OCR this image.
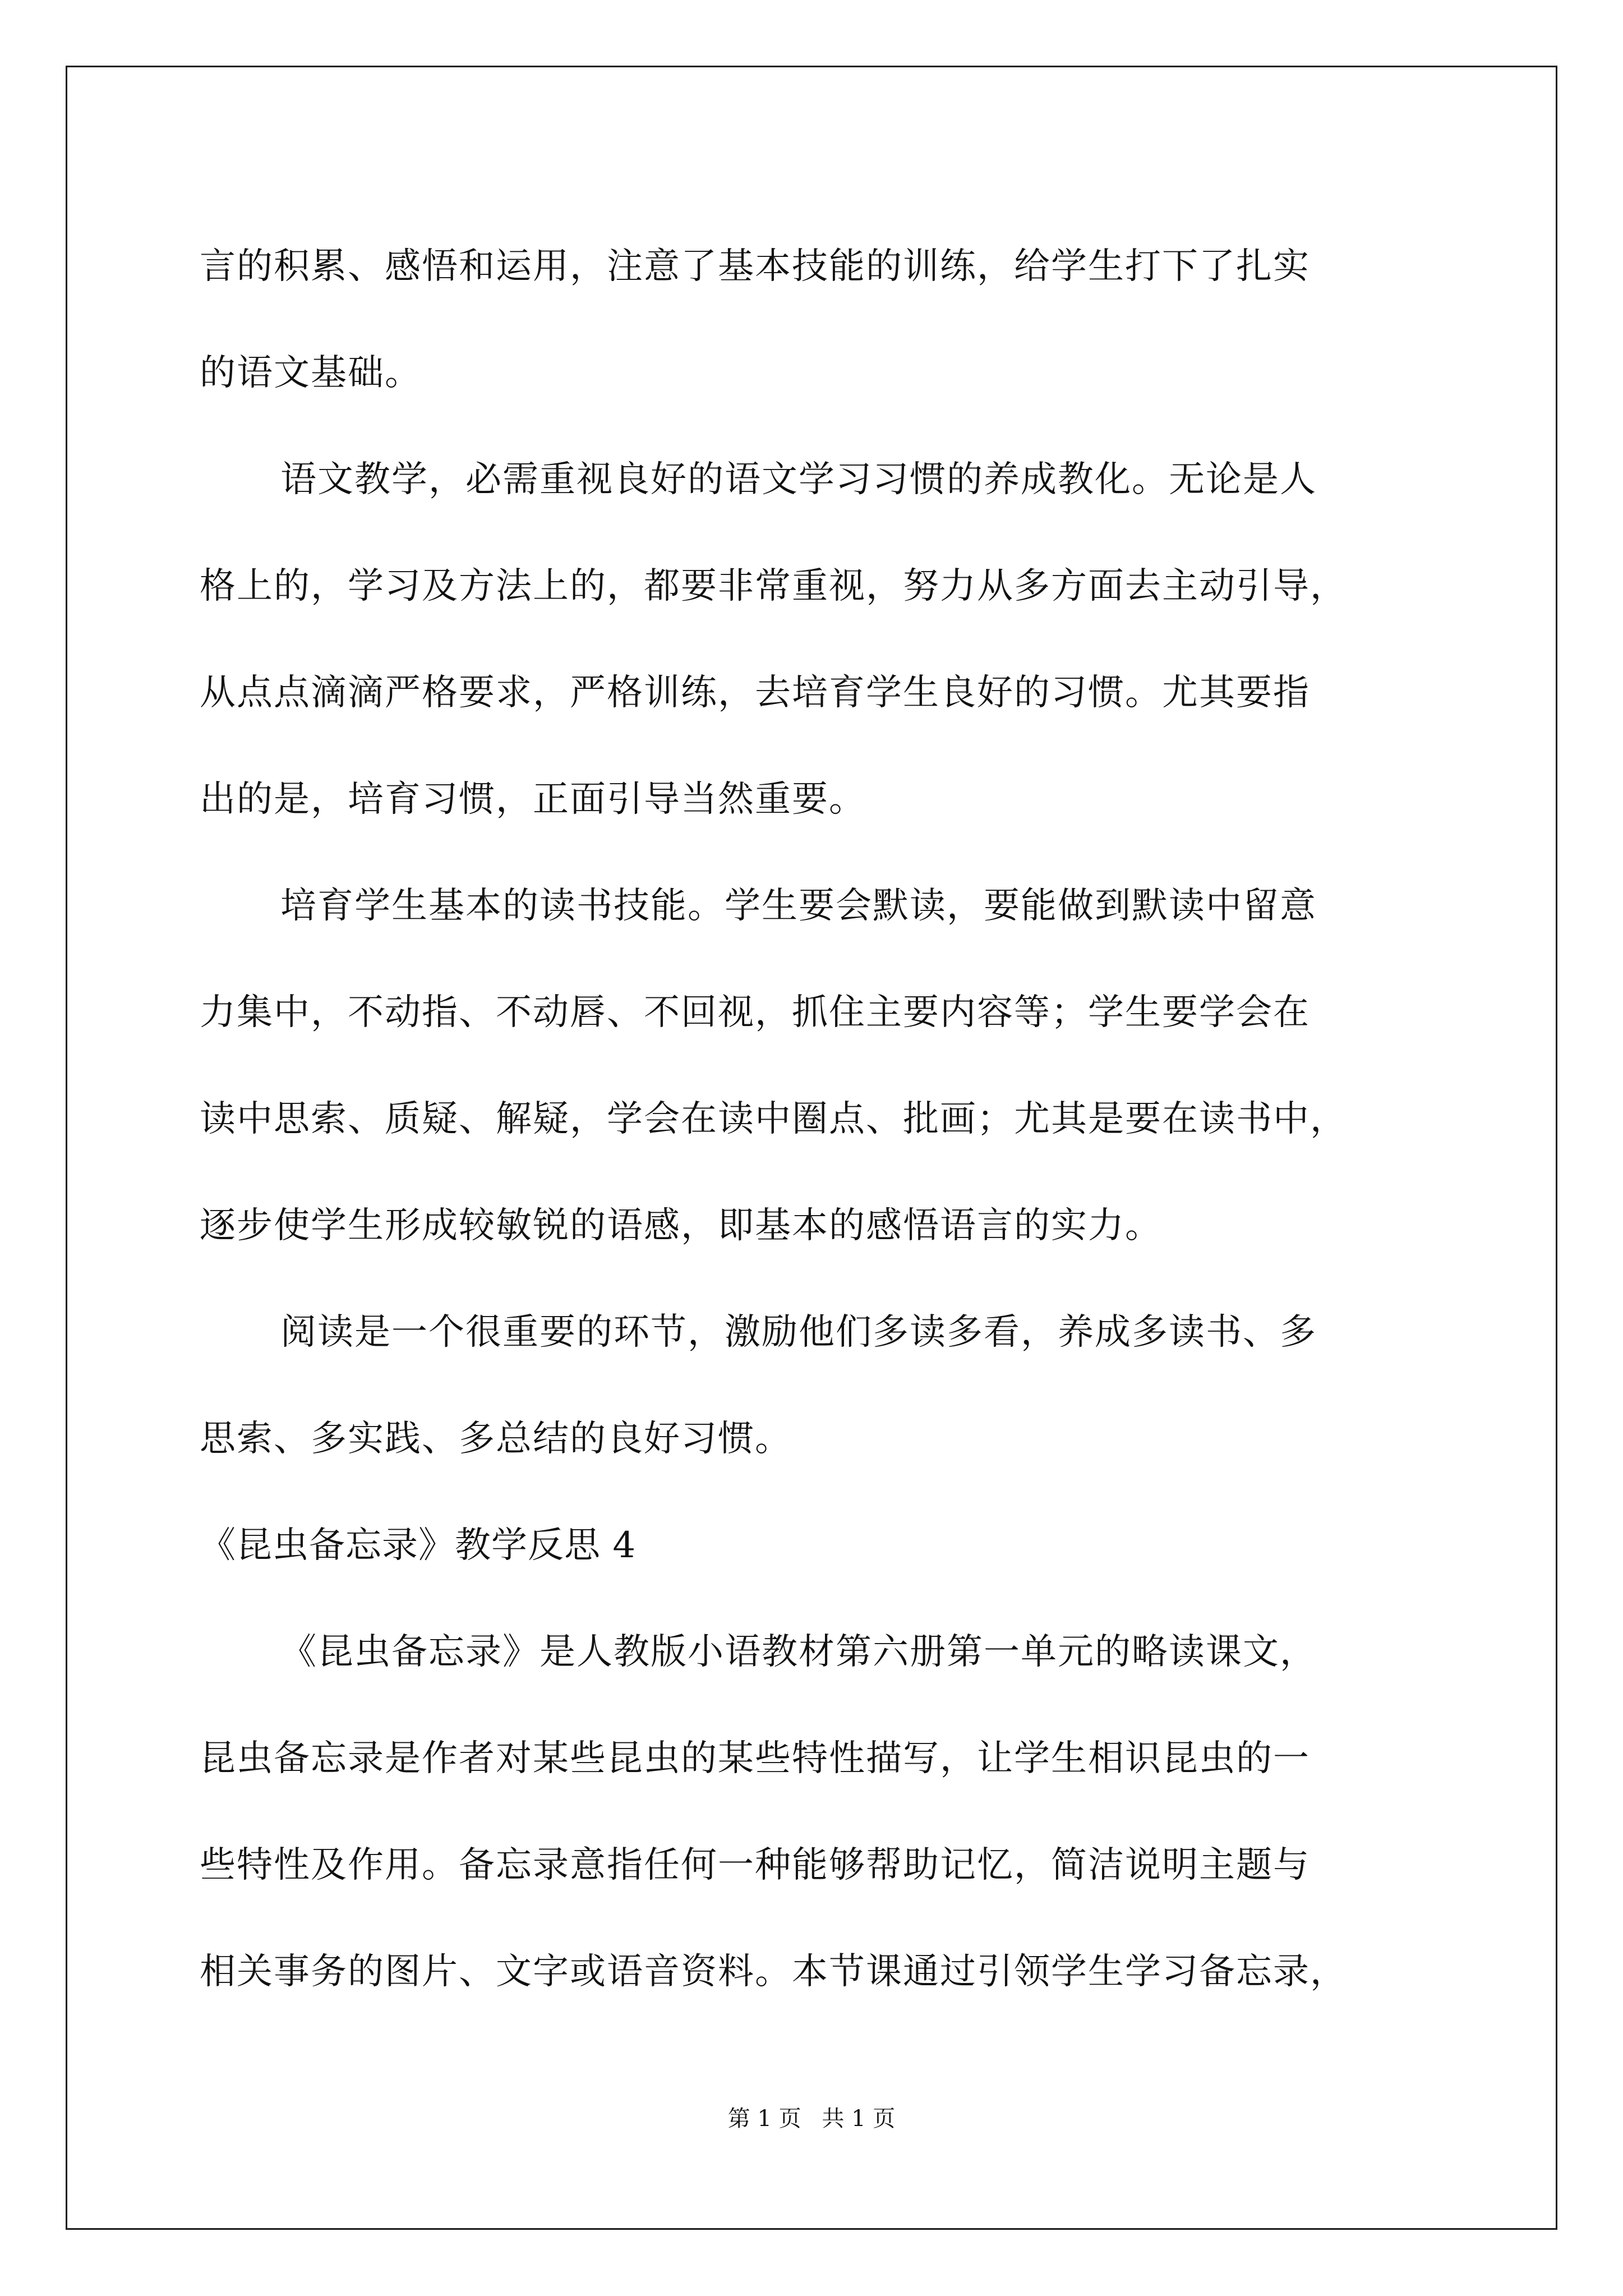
言的积累、感悟和运用，注意了基本技能的训练，给学生打下了扎实
的语文基础。
语文教学，必需重视良好的语文学习习惯的养成教化。无论是人
格上的，学习及方法上的，都要非常重视，努力从多方面去主动引导，
从点点滴滴严格要求，严格训练，去培育学生良好的习惯。尤其要指
出的是，培育习惯，正面引导当然重要。
培育学生基本的读书技能。学生要会默读，要能做到默读中留意
力集中，不动指、不动唇、不回视，抓住主要内容等；学生要学会在
读中思索、质疑、解疑，学会在读中圈点、批画；尤其是要在读书中，
逐步使学生形成较敏锐的语感，即基本的感悟语言的实力。
阅读是一个很重要的环节，激励他们多读多看，养成多读书、多
思索、多实践、多总结的良好习惯。
《昆虫备忘录》教学反思 4
《昆虫备忘录》是人教版小语教材第六册第一单元的略读课文，
昆虫备忘录是作者对某些昆虫的某些特性描写，让学生相识昆虫的一
些特性及作用。备忘录意指任何一种能够帮助记忆，简洁说明主题与
相关事务的图片、文字或语音资料。本节课通过引领学生学习备忘录，
第 1 页 共 1 页
